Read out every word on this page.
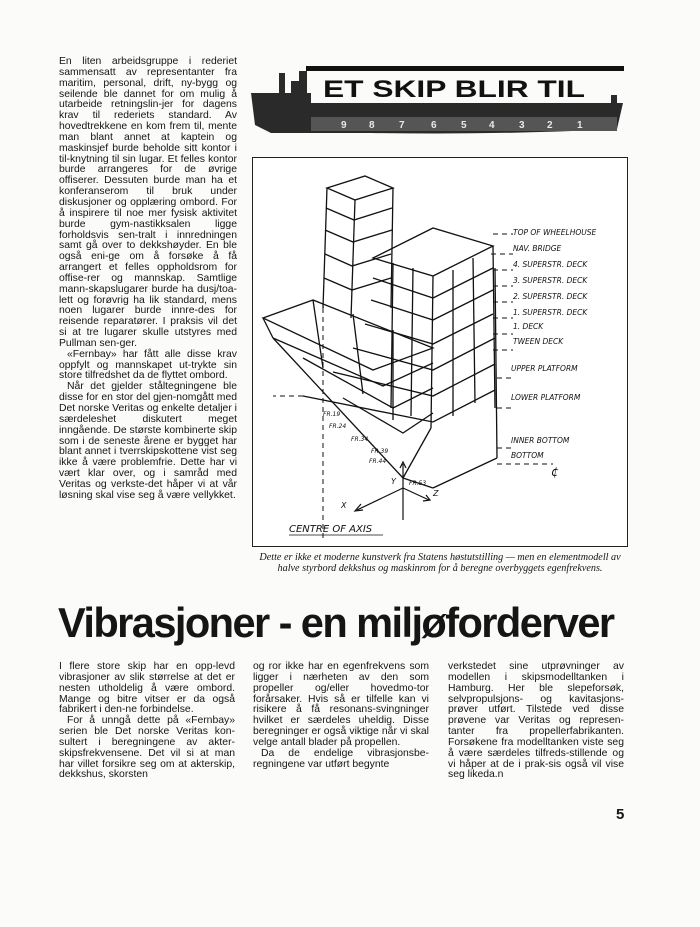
En liten arbeidsgruppe i rederiet sammensatt av representanter fra maritim, personal, drift, ny-bygg og seilende ble dannet for om mulig å utarbeide retningslin-jer for dagens krav til rederiets standard. Av hovedtrekkene en kom frem til, mente man blant annet at kaptein og maskinsjef burde beholde sitt kontor i til-knytning til sin lugar. Et felles kontor burde arrangeres for de øvrige offiserer. Dessuten burde man ha et konferanserom til bruk under diskusjoner og opplæring ombord. For å inspirere til noe mer fysisk aktivitet burde gym-nastikksalen ligge forholdsvis sen-tralt i innredningen samt gå over to dekkshøyder. En ble også eni-ge om å forsøke å få arrangert et felles oppholdsrom for offise-rer og mannskap. Samtlige mann-skapslugarer burde ha dusj/toa-lett og forøvrig ha lik standard, mens noen lugarer burde innre-des for reisende reparatører. I praksis vil det si at tre lugarer skulle utstyres med Pullman sen-ger.

«Fernbay» har fått alle disse krav oppfylt og mannskapet ut-trykte sin store tilfredshet da de flyttet ombord.

Når det gjelder ståltegningene ble disse for en stor del gjen-nomgått med Det norske Veritas og enkelte detaljer i særdeleshet diskutert meget inngående. De største kombinerte skip som i de seneste årene er bygget har blant annet i tverrskipskottene vist seg ikke å være problemfrie. Dette har vi vært klar over, og i samråd med Veritas og verkste-det håper vi at vår løsning skal vise seg å være vellykket.

ET SKIP BLIR TIL
9 8 7	6 5 4 3 2 1
TOP OF WHEELHOUSE
NAV. BRIDGE
4. SUPERSTR. DECK
3. SUPERSTR. DECK
2. SUPERSTR. DECK
1. SUPERSTR. DECK
1. DECK
TWEEN DECK
UPPER PLATFORM
LOWER PLATFORM
INNER BOTTOM
BOTTOM
FR.19
FR.24
FR.34
FR.39
FR.44
FR.53
X
Y
Z
¢
CENTRE OF AXIS
Dette er ikke et moderne kunstverk fra Statens høstutstilling — men en elementmodell av halve styrbord dekkshus og maskinrom for å beregne overbyggets egenfrekvens.
Vibrasjoner - en miljøforderver

I flere store skip har en opp-levd vibrasjoner av slik størrelse at det er nesten utholdelig å være ombord. Mange og bitre vitser er da også fabrikert i den-ne forbindelse.

For å unngå dette på «Fernbay» serien ble Det norske Veritas kon-sultert i beregningene av akter-skipsfrekvensene. Det vil si at man har villet forsikre seg om at akterskip, dekkshus, skorsten

og ror ikke har en egenfrekvens som ligger i nærheten av den som propeller og/eller hovedmo-tor forårsaker. Hvis så er tilfelle kan vi risikere å få resonans-svingninger hvilket er særdeles uheldig. Disse beregninger er også viktige når vi skal velge antall blader på propellen.

Da de endelige vibrasjonsbe-regningene var utført begynte

verkstedet sine utprøvninger av modellen i skipsmodelltanken i Hamburg. Her ble slepeforsøk, selvpropulsjons- og kavitasjons-prøver utført. Tilstede ved disse prøvene var Veritas og represen-tanter fra propellerfabrikanten. Forsøkene fra modelltanken viste seg å være særdeles tilfreds-stillende og vi håper at de i prak-sis også vil vise seg likeda.n

5
